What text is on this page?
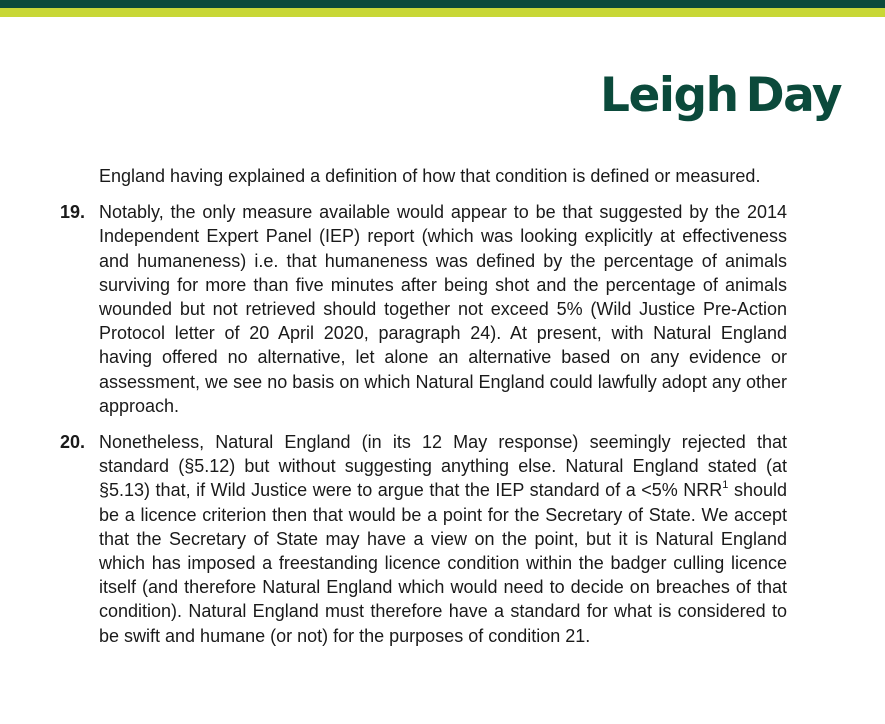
Leigh Day

England having explained a definition of how that condition is defined or measured.

19. Notably, the only measure available would appear to be that suggested by the 2014 Independent Expert Panel (IEP) report (which was looking explicitly at effectiveness and humaneness) i.e. that humaneness was defined by the percentage of animals surviving for more than five minutes after being shot and the percentage of animals wounded but not retrieved should together not exceed 5% (Wild Justice Pre-Action Protocol letter of 20 April 2020, paragraph 24). At present, with Natural England having offered no alternative, let alone an alternative based on any evidence or assessment, we see no basis on which Natural England could lawfully adopt any other approach.

20. Nonetheless, Natural England (in its 12 May response) seemingly rejected that standard (§5.12) but without suggesting anything else. Natural England stated (at §5.13) that, if Wild Justice were to argue that the IEP standard of a <5% NRR$^1$ should be a licence criterion then that would be a point for the Secretary of State. We accept that the Secretary of State may have a view on the point, but it is Natural England which has imposed a freestanding licence condition within the badger culling licence itself (and therefore Natural England which would need to decide on breaches of that condition). Natural England must therefore have a standard for what is considered to be swift and humane (or not) for the purposes of condition 21.
